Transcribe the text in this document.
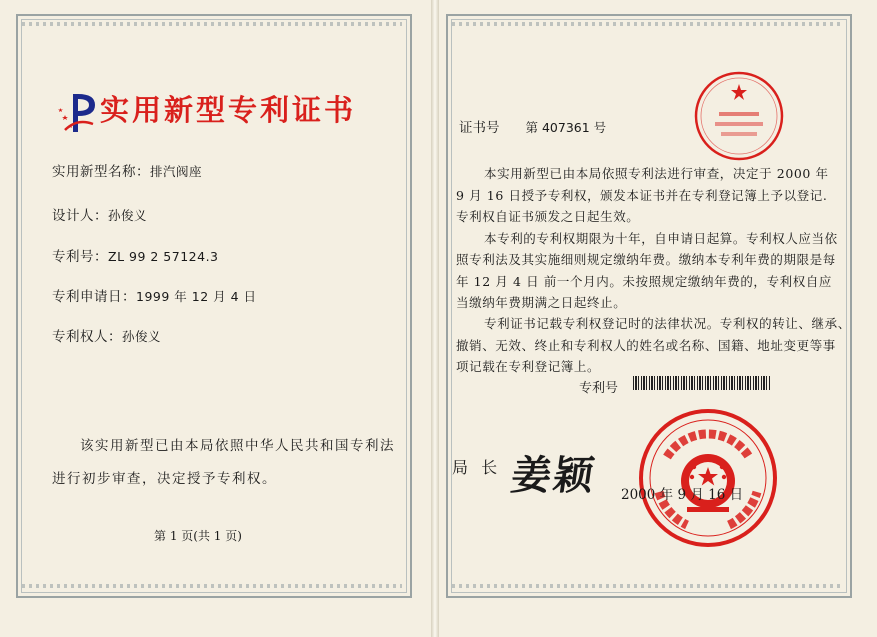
实用新型专利证书
实用新型名称：排汽阀座
设计人：孙俊义
专利号：ZL 99 2 57124.3
专利申请日：1999 年 12 月 4 日
专利权人：孙俊义
该实用新型已由本局依照中华人民共和国专利法
进行初步审查，决定授予专利权。
第 1 页(共 1 页)
证书号 第 407361 号
本实用新型已由本局依照专利法进行审查，决定于 2000 年
9 月 16 日授予专利权，颁发本证书并在专利登记簿上予以登记.
专利权自证书颁发之日起生效。
本专利的专利权期限为十年，自申请日起算。专利权人应当依
照专利法及其实施细则规定缴纳年费。缴纳本专利年费的期限是每
年 12 月 4 日 前一个月内。未按照规定缴纳年费的，专利权自应
当缴纳年费期满之日起终止。
专利证书记载专利权登记时的法律状况。专利权的转让、继承、
撤销、无效、终止和专利权人的姓名或名称、国籍、地址变更等事
项记载在专利登记簿上。
专利号
局 长 姜颖 2000 年 9 月 16 日
